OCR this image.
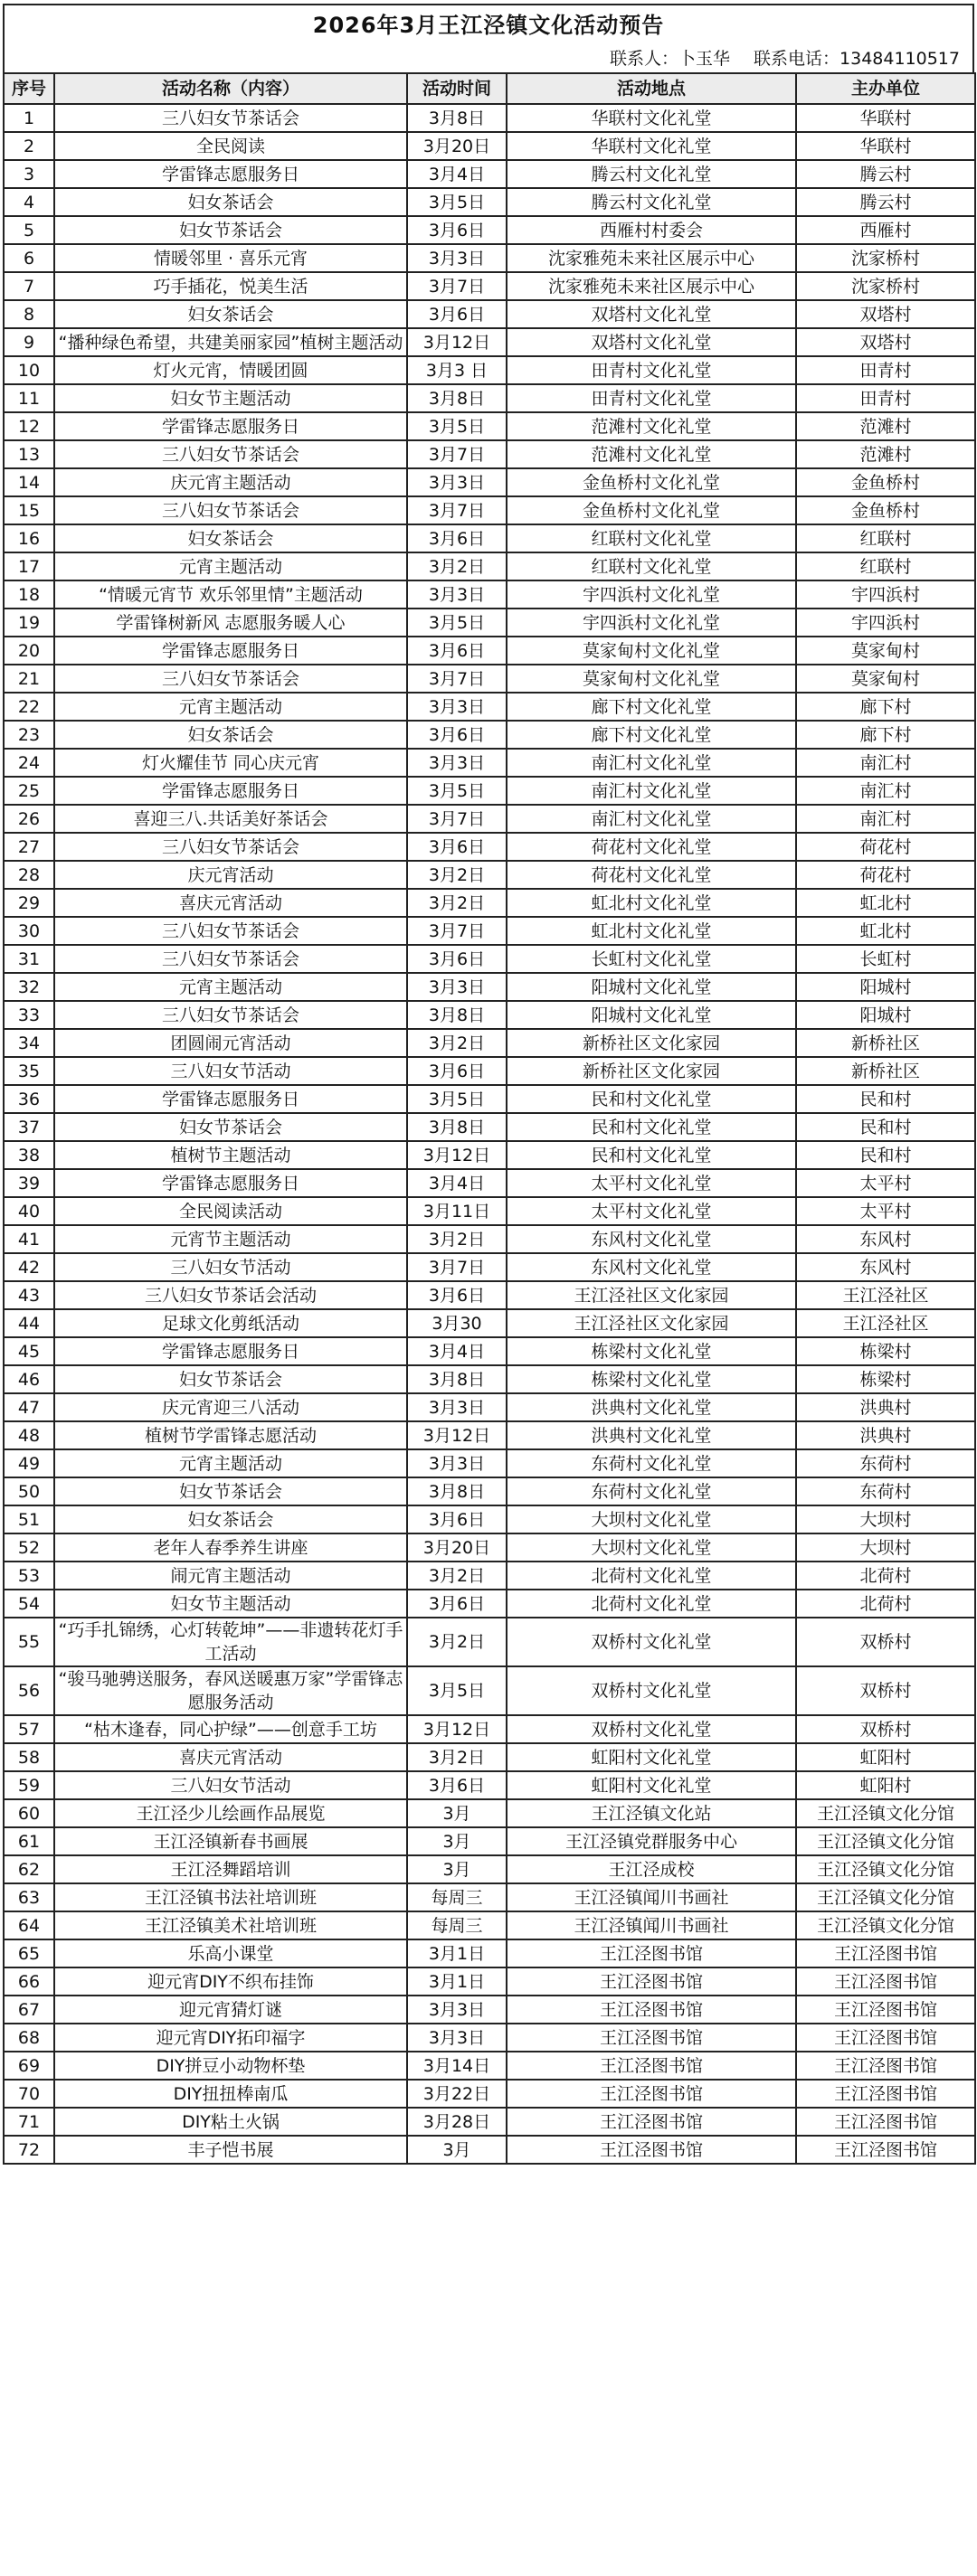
2026年3月王江泾镇文化活动预告
联系人：卜玉华 联系电话：13484110517
序号	活动名称（内容）	活动时间	活动地点	主办单位
1	三八妇女节茶话会	3月8日	华联村文化礼堂	华联村
2	全民阅读	3月20日	华联村文化礼堂	华联村
3	学雷锋志愿服务日	3月4日	腾云村文化礼堂	腾云村
4	妇女茶话会	3月5日	腾云村文化礼堂	腾云村
5	妇女节茶话会	3月6日	西雁村村委会	西雁村
6	情暖邻里 · 喜乐元宵	3月3日	沈家雅苑未来社区展示中心	沈家桥村
7	巧手插花，悦美生活	3月7日	沈家雅苑未来社区展示中心	沈家桥村
8	妇女茶话会	3月6日	双塔村文化礼堂	双塔村
9	“播种绿色希望，共建美丽家园”植树主题活动	3月12日	双塔村文化礼堂	双塔村
10	灯火元宵，情暖团圆	3月3 日	田青村文化礼堂	田青村
11	妇女节主题活动	3月8日	田青村文化礼堂	田青村
12	学雷锋志愿服务日	3月5日	范滩村文化礼堂	范滩村
13	三八妇女节茶话会	3月7日	范滩村文化礼堂	范滩村
14	庆元宵主题活动	3月3日	金鱼桥村文化礼堂	金鱼桥村
15	三八妇女节茶话会	3月7日	金鱼桥村文化礼堂	金鱼桥村
16	妇女茶话会	3月6日	红联村文化礼堂	红联村
17	元宵主题活动	3月2日	红联村文化礼堂	红联村
18	“情暖元宵节 欢乐邻里情”主题活动	3月3日	宇四浜村文化礼堂	宇四浜村
19	学雷锋树新风 志愿服务暖人心	3月5日	宇四浜村文化礼堂	宇四浜村
20	学雷锋志愿服务日	3月6日	莫家甸村文化礼堂	莫家甸村
21	三八妇女节茶话会	3月7日	莫家甸村文化礼堂	莫家甸村
22	元宵主题活动	3月3日	廊下村文化礼堂	廊下村
23	妇女茶话会	3月6日	廊下村文化礼堂	廊下村
24	灯火耀佳节 同心庆元宵	3月3日	南汇村文化礼堂	南汇村
25	学雷锋志愿服务日	3月5日	南汇村文化礼堂	南汇村
26	喜迎三八.共话美好茶话会	3月7日	南汇村文化礼堂	南汇村
27	三八妇女节茶话会	3月6日	荷花村文化礼堂	荷花村
28	庆元宵活动	3月2日	荷花村文化礼堂	荷花村
29	喜庆元宵活动	3月2日	虹北村文化礼堂	虹北村
30	三八妇女节茶话会	3月7日	虹北村文化礼堂	虹北村
31	三八妇女节茶话会	3月6日	长虹村文化礼堂	长虹村
32	元宵主题活动	3月3日	阳城村文化礼堂	阳城村
33	三八妇女节茶话会	3月8日	阳城村文化礼堂	阳城村
34	团圆闹元宵活动	3月2日	新桥社区文化家园	新桥社区
35	三八妇女节活动	3月6日	新桥社区文化家园	新桥社区
36	学雷锋志愿服务日	3月5日	民和村文化礼堂	民和村
37	妇女节茶话会	3月8日	民和村文化礼堂	民和村
38	植树节主题活动	3月12日	民和村文化礼堂	民和村
39	学雷锋志愿服务日	3月4日	太平村文化礼堂	太平村
40	全民阅读活动	3月11日	太平村文化礼堂	太平村
41	元宵节主题活动	3月2日	东风村文化礼堂	东风村
42	三八妇女节活动	3月7日	东风村文化礼堂	东风村
43	三八妇女节茶话会活动	3月6日	王江泾社区文化家园	王江泾社区
44	足球文化剪纸活动	3月30	王江泾社区文化家园	王江泾社区
45	学雷锋志愿服务日	3月4日	栋梁村文化礼堂	栋梁村
46	妇女节茶话会	3月8日	栋梁村文化礼堂	栋梁村
47	庆元宵迎三八活动	3月3日	洪典村文化礼堂	洪典村
48	植树节学雷锋志愿活动	3月12日	洪典村文化礼堂	洪典村
49	元宵主题活动	3月3日	东荷村文化礼堂	东荷村
50	妇女节茶话会	3月8日	东荷村文化礼堂	东荷村
51	妇女茶话会	3月6日	大坝村文化礼堂	大坝村
52	老年人春季养生讲座	3月20日	大坝村文化礼堂	大坝村
53	闹元宵主题活动	3月2日	北荷村文化礼堂	北荷村
54	妇女节主题活动	3月6日	北荷村文化礼堂	北荷村
55	“巧手扎锦绣，心灯转乾坤”——非遗转花灯手工活动	3月2日	双桥村文化礼堂	双桥村
56	“骏马驰骋送服务，春风送暖惠万家”学雷锋志愿服务活动	3月5日	双桥村文化礼堂	双桥村
57	“枯木逢春，同心护绿”——创意手工坊	3月12日	双桥村文化礼堂	双桥村
58	喜庆元宵活动	3月2日	虹阳村文化礼堂	虹阳村
59	三八妇女节活动	3月6日	虹阳村文化礼堂	虹阳村
60	王江泾少儿绘画作品展览	3月	王江泾镇文化站	王江泾镇文化分馆
61	王江泾镇新春书画展	3月	王江泾镇党群服务中心	王江泾镇文化分馆
62	王江泾舞蹈培训	3月	王江泾成校	王江泾镇文化分馆
63	王江泾镇书法社培训班	每周三	王江泾镇闻川书画社	王江泾镇文化分馆
64	王江泾镇美术社培训班	每周三	王江泾镇闻川书画社	王江泾镇文化分馆
65	乐高小课堂	3月1日	王江泾图书馆	王江泾图书馆
66	迎元宵DIY不织布挂饰	3月1日	王江泾图书馆	王江泾图书馆
67	迎元宵猜灯谜	3月3日	王江泾图书馆	王江泾图书馆
68	迎元宵DIY拓印福字	3月3日	王江泾图书馆	王江泾图书馆
69	DIY拼豆小动物杯垫	3月14日	王江泾图书馆	王江泾图书馆
70	DIY扭扭棒南瓜	3月22日	王江泾图书馆	王江泾图书馆
71	DIY粘土火锅	3月28日	王江泾图书馆	王江泾图书馆
72	丰子恺书展	3月	王江泾图书馆	王江泾图书馆
